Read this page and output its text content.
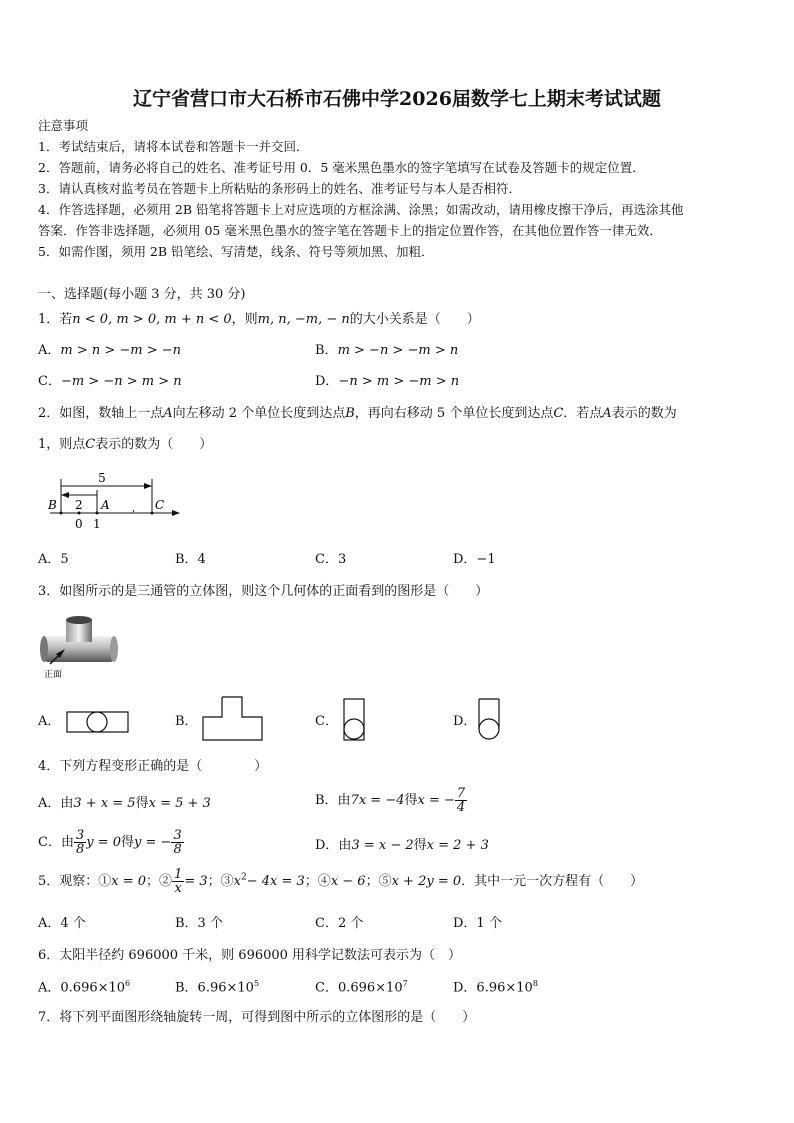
辽宁省营口市大石桥市石佛中学2026届数学七上期末考试试题
注意事项
1．考试结束后，请将本试卷和答题卡一并交回．
2．答题前，请务必将自己的姓名、准考证号用 0．5 毫米黑色墨水的签字笔填写在试卷及答题卡的规定位置．
3．请认真核对监考员在答题卡上所粘贴的条形码上的姓名、准考证号与本人是否相符．
4．作答选择题，必须用 2B 铅笔将答题卡上对应选项的方框涂满、涂黑；如需改动，请用橡皮擦干净后，再选涂其他
答案．作答非选择题，必须用 05 毫米黑色墨水的签字笔在答题卡上的指定位置作答，在其他位置作答一律无效．
5．如需作图，须用 2B 铅笔绘、写清楚，线条、符号等须加黑、加粗．
一、选择题(每小题 3 分，共 30 分)
1．若n < 0, m > 0, m + n < 0，则m, n, −m, − n的大小关系是（　　）
A．m > n > −m > −n	B．m > −n > −m > n
C．−m > −n > m > n	D．−n > m > −m > n
2．如图，数轴上一点A向左移动 2 个单位长度到达点B，再向右移动 5 个单位长度到达点C．若点A表示的数为
1，则点C表示的数为（　　）
5
,
B 2 A	C
0 1
A．5	B．4	C．3	D．−1
3．如图所示的是三通管的立体图，则这个几何体的正面看到的图形是（　　）
正面
A．	B．	C．	D．
4．下列方程变形正确的是（　　　　）
A．由3 + x = 5得x = 5 + 3	B．由7x = −4得x = − $\frac{7}{4}$
C．由 $\frac{3}{8}$ y = 0得y = − $\frac{3}{8}$	D．由3 = x − 2得x = 2 + 3
5．观察：①x = 0；② $\frac{1}{x} = 3$；$③x^2- 4x = 3$；④x − 6；⑤x + 2y = 0．其中一元一次方程有（　　）
A．4 个	B．3 个	C．2 个	D．1 个
6．太阳半径约 696000 千米，则 696000 用科学记数法可表示为（　）
A．$0.696\times 10^6$	B．$6.96\times 10^5$	C．$0.696\times 10^7$	D．$6.96\times 10^8$
7．将下列平面图形绕轴旋转一周，可得到图中所示的立体图形的是（　　）
